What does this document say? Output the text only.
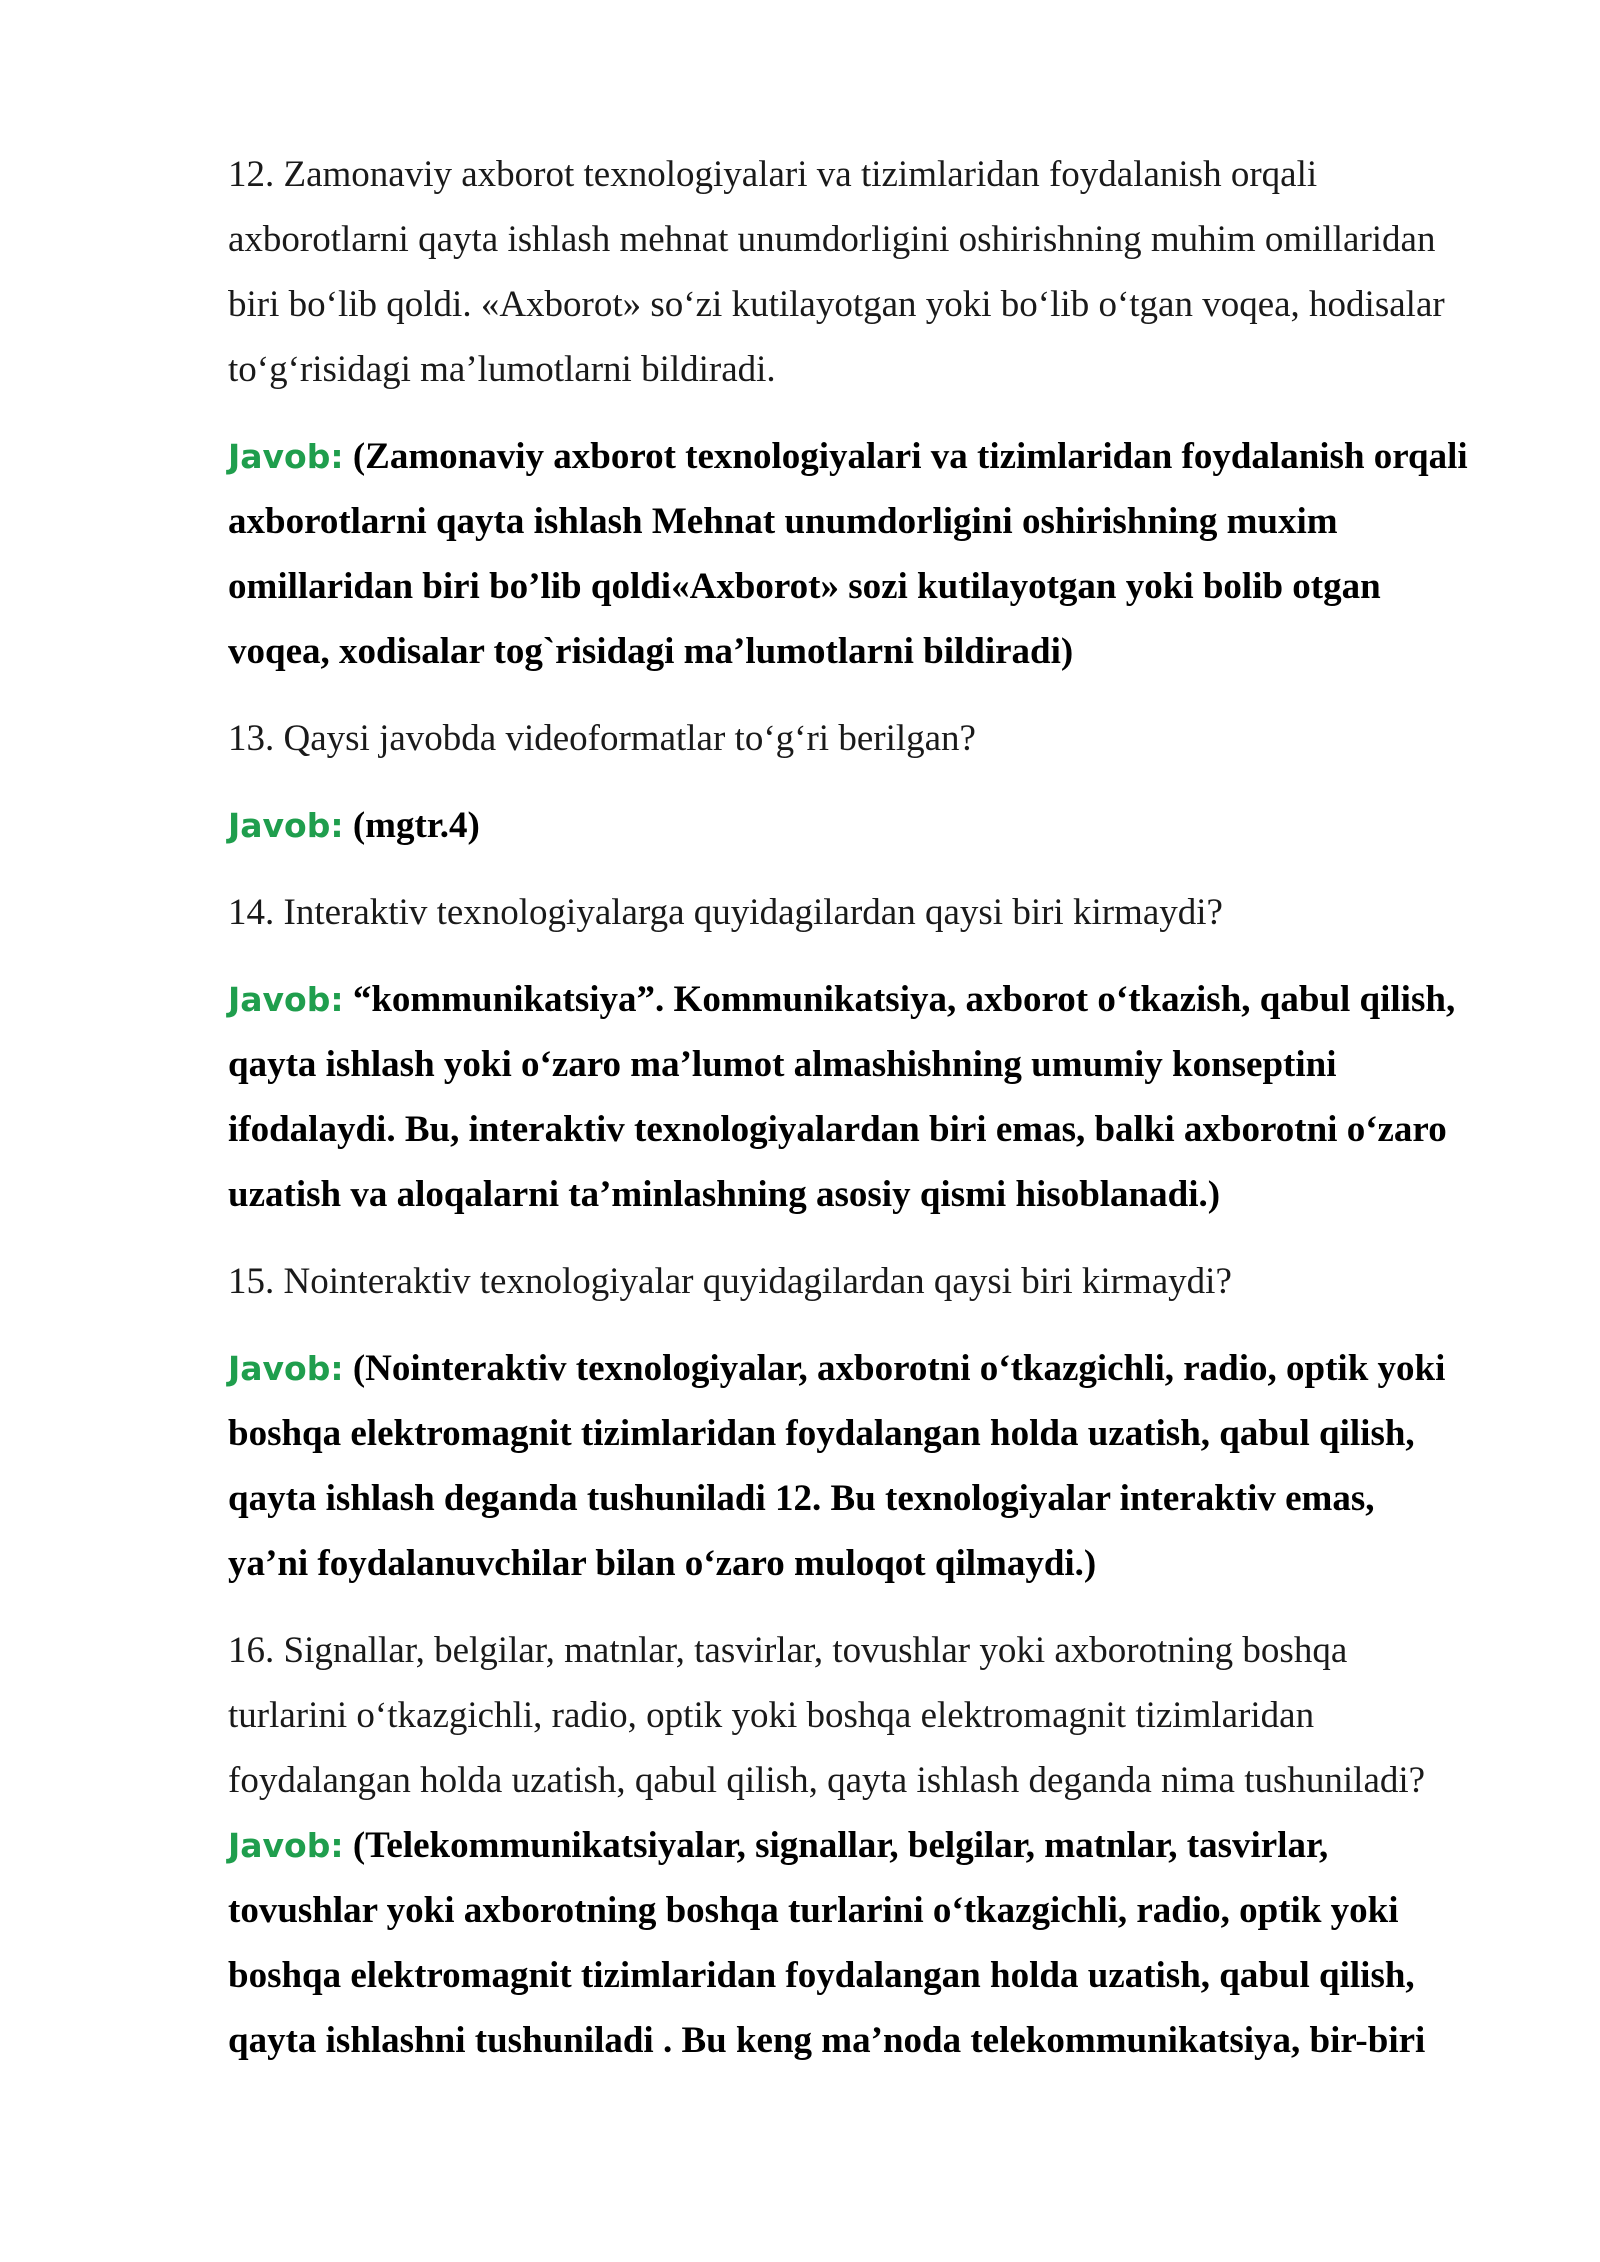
12. Zamonaviy axborot texnologiyalari va tizimlaridan foydalanish orqali
axborotlarni qayta ishlash mehnat unumdorligini oshirishning muhim omillaridan
biri bo‘lib qoldi. «Axborot» so‘zi kutilayotgan yoki bo‘lib o‘tgan voqea, hodisalar
to‘g‘risidagi ma’lumotlarni bildiradi.

Javob: (Zamonaviy axborot texnologiyalari va tizimlaridan foydalanish orqali
axborotlarni qayta ishlash Mehnat unumdorligini oshirishning muxim
omillaridan biri bo’lib qoldi«Axborot» sozi kutilayotgan yoki bolib otgan
voqea, xodisalar tog`risidagi ma’lumotlarni bildiradi)

13. Qaysi javobda videoformatlar to‘g‘ri berilgan?

Javob: (mgtr.4)

14. Interaktiv texnologiyalarga quyidagilardan qaysi biri kirmaydi?

Javob: “kommunikatsiya”. Kommunikatsiya, axborot o‘tkazish, qabul qilish,
qayta ishlash yoki o‘zaro ma’lumot almashishning umumiy konseptini
ifodalaydi. Bu, interaktiv texnologiyalardan biri emas, balki axborotni o‘zaro
uzatish va aloqalarni ta’minlashning asosiy qismi hisoblanadi.)

15. Nointeraktiv texnologiyalar quyidagilardan qaysi biri kirmaydi?

Javob: (Nointeraktiv texnologiyalar, axborotni o‘tkazgichli, radio, optik yoki
boshqa elektromagnit tizimlaridan foydalangan holda uzatish, qabul qilish,
qayta ishlash deganda tushuniladi 12. Bu texnologiyalar interaktiv emas,
ya’ni foydalanuvchilar bilan o‘zaro muloqot qilmaydi.)

16. Signallar, belgilar, matnlar, tasvirlar, tovushlar yoki axborotning boshqa
turlarini o‘tkazgichli, radio, optik yoki boshqa elektromagnit tizimlaridan
foydalangan holda uzatish, qabul qilish, qayta ishlash deganda nima tushuniladi?

Javob: (Telekommunikatsiyalar, signallar, belgilar, matnlar, tasvirlar,
tovushlar yoki axborotning boshqa turlarini o‘tkazgichli, radio, optik yoki
boshqa elektromagnit tizimlaridan foydalangan holda uzatish, qabul qilish,
qayta ishlashni tushuniladi . Bu keng ma’noda telekommunikatsiya, bir-biri
